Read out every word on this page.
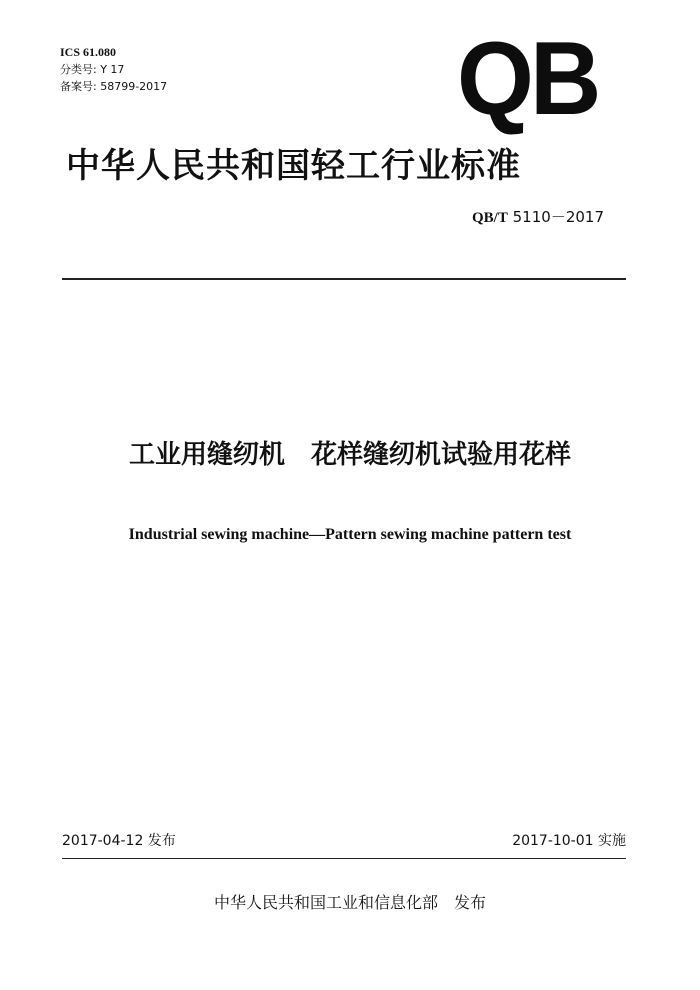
ICS 61.080
分类号: Y 17
备案号: 58799-2017	QB
中华人民共和国轻工行业标准
QB/T 5110－2017
工业用缝纫机　花样缝纫机试验用花样
Industrial sewing machine—Pattern sewing machine pattern test
2017-04-12 发布	2017-10-01 实施
中华人民共和国工业和信息化部　发布
